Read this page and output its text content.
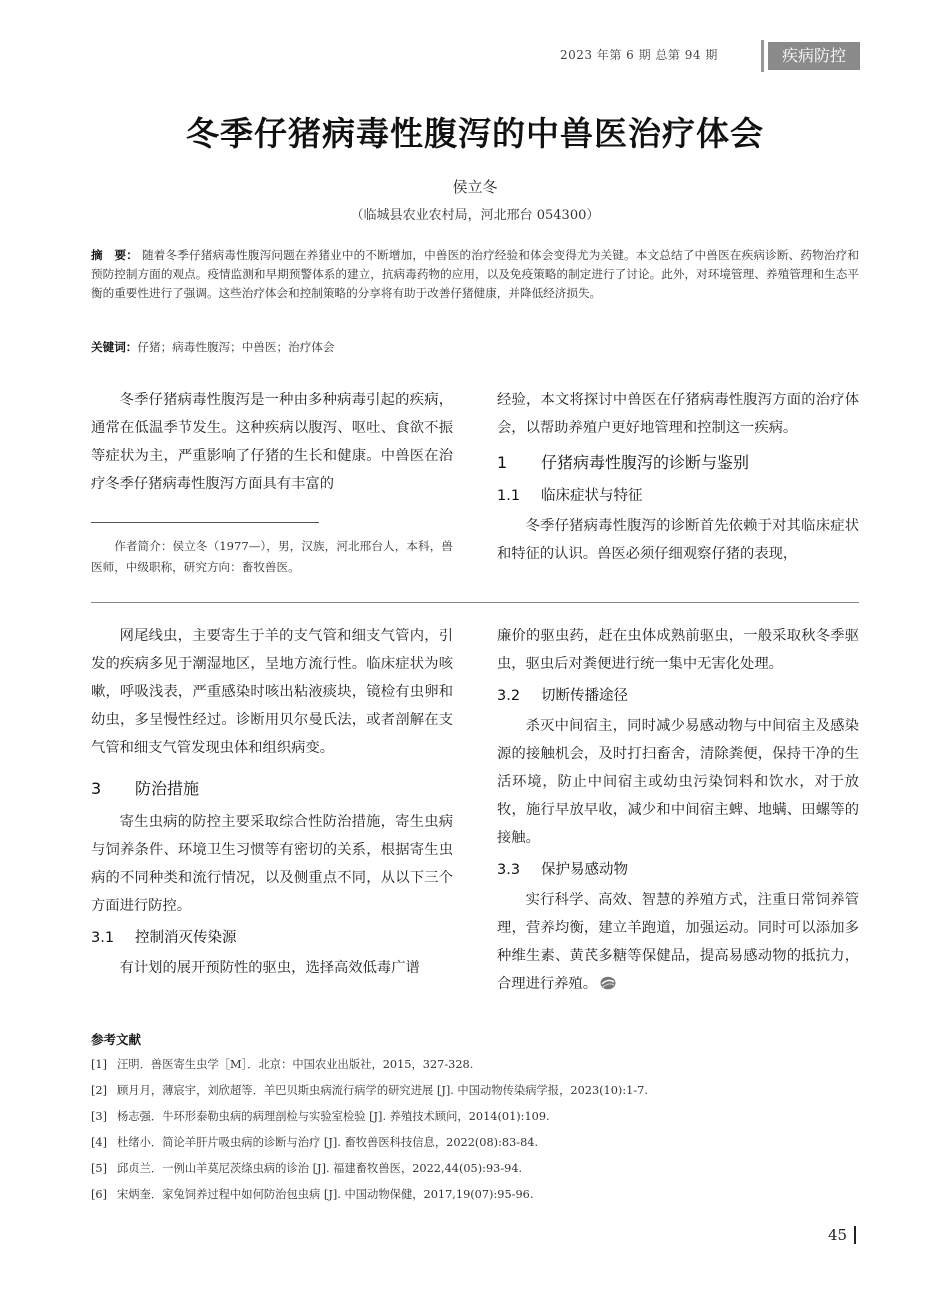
2023 年第 6 期 总第 94 期	疾病防控
冬季仔猪病毒性腹泻的中兽医治疗体会
侯立冬
（临城县农业农村局，河北邢台 054300）
摘　要： 随着冬季仔猪病毒性腹泻问题在养猪业中的不断增加，中兽医的治疗经验和体会变得尤为关键。本文总结了中兽医在疾病诊断、药物治疗和预防控制方面的观点。疫情监测和早期预警体系的建立，抗病毒药物的应用，以及免疫策略的制定进行了讨论。此外，对环境管理、养殖管理和生态平衡的重要性进行了强调。这些治疗体会和控制策略的分享将有助于改善仔猪健康，并降低经济损失。
关键词：仔猪；病毒性腹泻；中兽医；治疗体会

冬季仔猪病毒性腹泻是一种由多种病毒引起的疾病，通常在低温季节发生。这种疾病以腹泻、呕吐、食欲不振等症状为主，严重影响了仔猪的生长和健康。中兽医在治疗冬季仔猪病毒性腹泻方面具有丰富的

作者简介：侯立冬（1977—），男，汉族，河北邢台人，本科，兽医师，中级职称，研究方向：畜牧兽医。

经验，本文将探讨中兽医在仔猪病毒性腹泻方面的治疗体会，以帮助养殖户更好地管理和控制这一疾病。

1 仔猪病毒性腹泻的诊断与鉴别
1.1 临床症状与特征

冬季仔猪病毒性腹泻的诊断首先依赖于对其临床症状和特征的认识。兽医必须仔细观察仔猪的表现，

网尾线虫，主要寄生于羊的支气管和细支气管内，引发的疾病多见于潮湿地区，呈地方流行性。临床症状为咳嗽，呼吸浅表，严重感染时咳出粘液痰块，镜检有虫卵和幼虫，多呈慢性经过。诊断用贝尔曼氏法，或者剖解在支气管和细支气管发现虫体和组织病变。

3 防治措施

寄生虫病的防控主要采取综合性防治措施，寄生虫病与饲养条件、环境卫生习惯等有密切的关系，根据寄生虫病的不同种类和流行情况，以及侧重点不同，从以下三个方面进行防控。

3.1 控制消灭传染源

有计划的展开预防性的驱虫，选择高效低毒广谱

廉价的驱虫药，赶在虫体成熟前驱虫，一般采取秋冬季驱虫，驱虫后对粪便进行统一集中无害化处理。

3.2 切断传播途径

杀灭中间宿主，同时减少易感动物与中间宿主及感染源的接触机会，及时打扫畜舍，清除粪便，保持干净的生活环境，防止中间宿主或幼虫污染饲料和饮水，对于放牧，施行早放早收，减少和中间宿主蜱、地螨、田螺等的接触。

3.3 保护易感动物

实行科学、高效、智慧的养殖方式，注重日常饲养管理，营养均衡，建立羊跑道，加强运动。同时可以添加多种维生素、黄芪多糖等保健品，提高易感动物的抵抗力，合理进行养殖。

参考文献
[1] 汪明．兽医寄生虫学［M］．北京：中国农业出版社，2015，327-328.
[2] 顾月月，薄宸宇，刘欣超等．羊巴贝斯虫病流行病学的研究进展 [J]. 中国动物传染病学报，2023(10):1-7.
[3] 杨志强．牛环形泰勒虫病的病理剖检与实验室检验 [J]. 养殖技术顾问，2014(01):109.
[4] 杜绪小．简论羊肝片吸虫病的诊断与治疗 [J]. 畜牧兽医科技信息，2022(08):83-84.
[5] 邱贞兰．一例山羊莫尼茨绦虫病的诊治 [J]. 福建畜牧兽医，2022,44(05):93-94.
[6] 宋炳奎．家兔饲养过程中如何防治包虫病 [J]. 中国动物保健，2017,19(07):95-96.
45
